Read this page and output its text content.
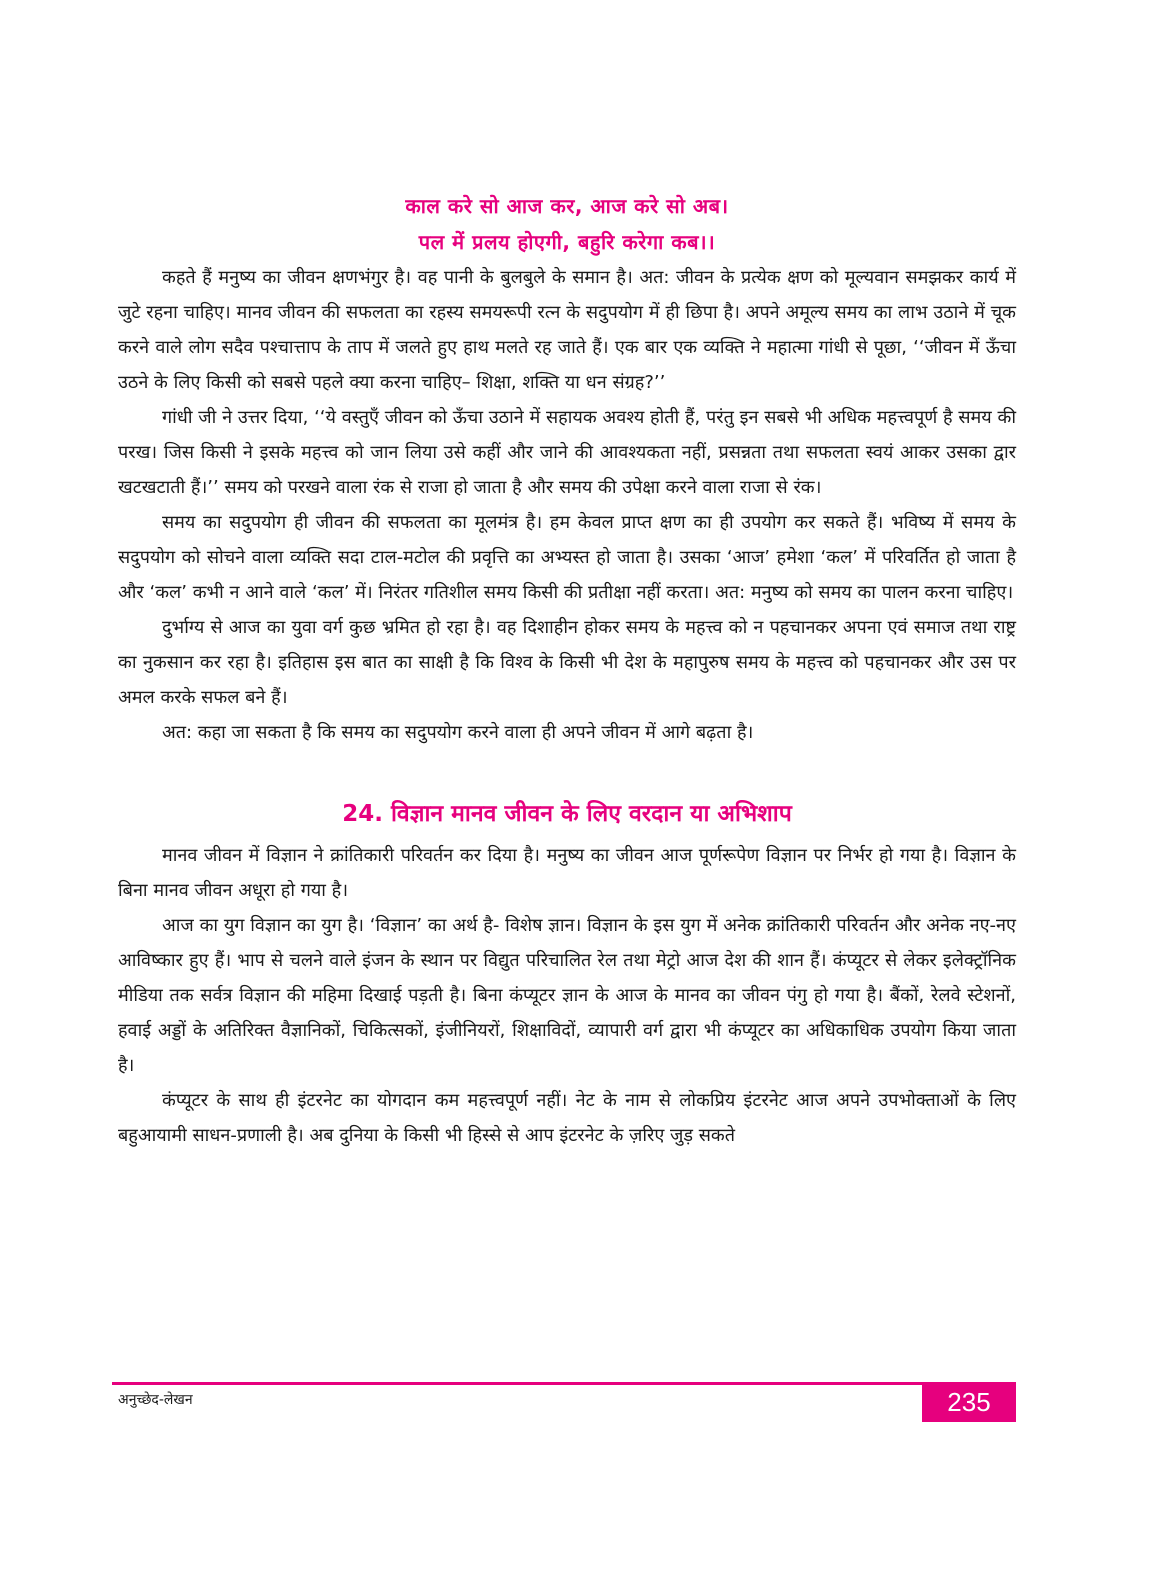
काल करे सो आज कर, आज करे सो अब।
पल में प्रलय होएगी, बहुरि करेगा कब।।

कहते हैं मनुष्य का जीवन क्षणभंगुर है। वह पानी के बुलबुले के समान है। अत: जीवन के प्रत्येक क्षण को मूल्यवान समझकर कार्य में जुटे रहना चाहिए। मानव जीवन की सफलता का रहस्य समयरूपी रत्न के सदुपयोग में ही छिपा है। अपने अमूल्य समय का लाभ उठाने में चूक करने वाले लोग सदैव पश्चात्ताप के ताप में जलते हुए हाथ मलते रह जाते हैं। एक बार एक व्यक्ति ने महात्मा गांधी से पूछा, ‘‘जीवन में ऊँचा उठने के लिए किसी को सबसे पहले क्या करना चाहिए– शिक्षा, शक्ति या धन संग्रह?’’

गांधी जी ने उत्तर दिया, ‘‘ये वस्तुएँ जीवन को ऊँचा उठाने में सहायक अवश्य होती हैं, परंतु इन सबसे भी अधिक महत्त्वपूर्ण है समय की परख। जिस किसी ने इसके महत्त्व को जान लिया उसे कहीं और जाने की आवश्यकता नहीं, प्रसन्नता तथा सफलता स्वयं आकर उसका द्वार खटखटाती हैं।’’ समय को परखने वाला रंक से राजा हो जाता है और समय की उपेक्षा करने वाला राजा से रंक।

समय का सदुपयोग ही जीवन की सफलता का मूलमंत्र है। हम केवल प्राप्त क्षण का ही उपयोग कर सकते हैं। भविष्य में समय के सदुपयोग को सोचने वाला व्यक्ति सदा टाल-मटोल की प्रवृत्ति का अभ्यस्त हो जाता है। उसका ‘आज’ हमेशा ‘कल’ में परिवर्तित हो जाता है और ‘कल’ कभी न आने वाले ‘कल’ में। निरंतर गतिशील समय किसी की प्रतीक्षा नहीं करता। अत: मनुष्य को समय का पालन करना चाहिए।

दुर्भाग्य से आज का युवा वर्ग कुछ भ्रमित हो रहा है। वह दिशाहीन होकर समय के महत्त्व को न पहचानकर अपना एवं समाज तथा राष्ट्र का नुकसान कर रहा है। इतिहास इस बात का साक्षी है कि विश्व के किसी भी देश के महापुरुष समय के महत्त्व को पहचानकर और उस पर अमल करके सफल बने हैं।

अत: कहा जा सकता है कि समय का सदुपयोग करने वाला ही अपने जीवन में आगे बढ़ता है।

24. विज्ञान मानव जीवन के लिए वरदान या अभिशाप

मानव जीवन में विज्ञान ने क्रांतिकारी परिवर्तन कर दिया है। मनुष्य का जीवन आज पूर्णरूपेण विज्ञान पर निर्भर हो गया है। विज्ञान के बिना मानव जीवन अधूरा हो गया है।

आज का युग विज्ञान का युग है। ‘विज्ञान’ का अर्थ है- विशेष ज्ञान। विज्ञान के इस युग में अनेक क्रांतिकारी परिवर्तन और अनेक नए-नए आविष्कार हुए हैं। भाप से चलने वाले इंजन के स्थान पर विद्युत परिचालित रेल तथा मेट्रो आज देश की शान हैं। कंप्यूटर से लेकर इलेक्ट्रॉनिक मीडिया तक सर्वत्र विज्ञान की महिमा दिखाई पड़ती है। बिना कंप्यूटर ज्ञान के आज के मानव का जीवन पंगु हो गया है। बैंकों, रेलवे स्टेशनों, हवाई अड्डों के अतिरिक्त वैज्ञानिकों, चिकित्सकों, इंजीनियरों, शिक्षाविदों, व्यापारी वर्ग द्वारा भी कंप्यूटर का अधिकाधिक उपयोग किया जाता है।

कंप्यूटर के साथ ही इंटरनेट का योगदान कम महत्त्वपूर्ण नहीं। नेट के नाम से लोकप्रिय इंटरनेट आज अपने उपभोक्ताओं के लिए बहुआयामी साधन-प्रणाली है। अब दुनिया के किसी भी हिस्से से आप इंटरनेट के ज़रिए जुड़ सकते

अनुच्छेद-लेखन	235
